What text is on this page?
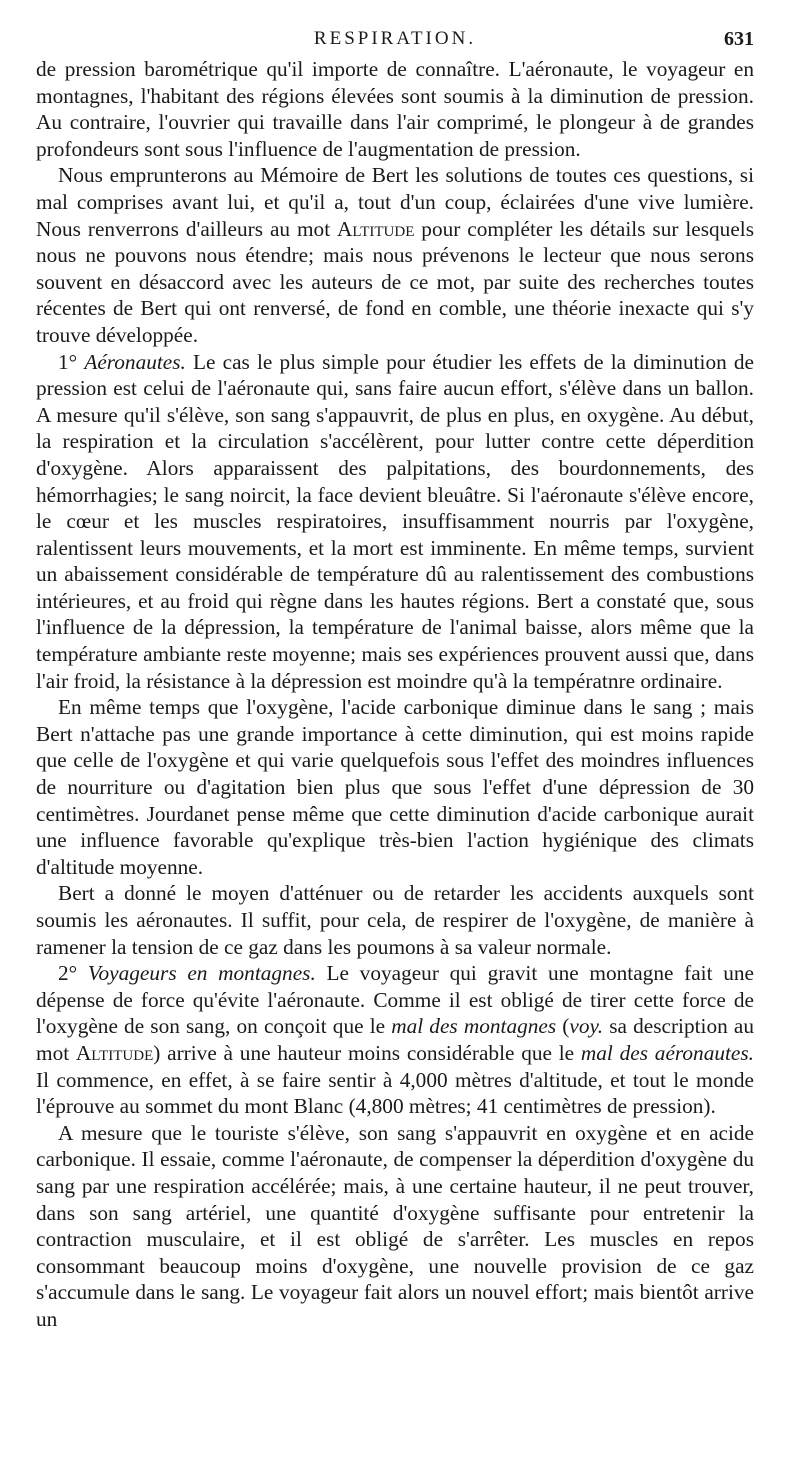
RESPIRATION.	631

de pression barométrique qu'il importe de connaître. L'aéronaute, le voyageur en montagnes, l'habitant des régions élevées sont soumis à la diminution de pression. Au contraire, l'ouvrier qui travaille dans l'air comprimé, le plongeur à de grandes profondeurs sont sous l'influence de l'augmentation de pression.

Nous emprunterons au Mémoire de Bert les solutions de toutes ces questions, si mal comprises avant lui, et qu'il a, tout d'un coup, éclairées d'une vive lumière. Nous renverrons d'ailleurs au mot Altitude pour compléter les détails sur lesquels nous ne pouvons nous étendre; mais nous prévenons le lecteur que nous serons souvent en désaccord avec les auteurs de ce mot, par suite des recherches toutes récentes de Bert qui ont renversé, de fond en comble, une théorie inexacte qui s'y trouve développée.

1° Aéronautes. Le cas le plus simple pour étudier les effets de la diminution de pression est celui de l'aéronaute qui, sans faire aucun effort, s'élève dans un ballon. A mesure qu'il s'élève, son sang s'appauvrit, de plus en plus, en oxygène. Au début, la respiration et la circulation s'accélèrent, pour lutter contre cette déperdition d'oxygène. Alors apparaissent des palpitations, des bourdonnements, des hémorrhagies; le sang noircit, la face devient bleuâtre. Si l'aéronaute s'élève encore, le cœur et les muscles respiratoires, insuffisamment nourris par l'oxygène, ralentissent leurs mouvements, et la mort est imminente. En même temps, survient un abaissement considérable de température dû au ralentissement des combustions intérieures, et au froid qui règne dans les hautes régions. Bert a constaté que, sous l'influence de la dépression, la température de l'animal baisse, alors même que la température ambiante reste moyenne; mais ses expériences prouvent aussi que, dans l'air froid, la résistance à la dépression est moindre qu'à la températnre ordinaire.

En même temps que l'oxygène, l'acide carbonique diminue dans le sang ; mais Bert n'attache pas une grande importance à cette diminution, qui est moins rapide que celle de l'oxygène et qui varie quelquefois sous l'effet des moindres influences de nourriture ou d'agitation bien plus que sous l'effet d'une dépression de 30 centimètres. Jourdanet pense même que cette diminution d'acide carbonique aurait une influence favorable qu'explique très-bien l'action hygiénique des climats d'altitude moyenne.

Bert a donné le moyen d'atténuer ou de retarder les accidents auxquels sont soumis les aéronautes. Il suffit, pour cela, de respirer de l'oxygène, de manière à ramener la tension de ce gaz dans les poumons à sa valeur normale.

2° Voyageurs en montagnes. Le voyageur qui gravit une montagne fait une dépense de force qu'évite l'aéronaute. Comme il est obligé de tirer cette force de l'oxygène de son sang, on conçoit que le mal des montagnes (voy. sa description au mot Altitude) arrive à une hauteur moins considérable que le mal des aéronautes. Il commence, en effet, à se faire sentir à 4,000 mètres d'altitude, et tout le monde l'éprouve au sommet du mont Blanc (4,800 mètres; 41 centimètres de pression).

A mesure que le touriste s'élève, son sang s'appauvrit en oxygène et en acide carbonique. Il essaie, comme l'aéronaute, de compenser la déperdition d'oxygène du sang par une respiration accélérée; mais, à une certaine hauteur, il ne peut trouver, dans son sang artériel, une quantité d'oxygène suffisante pour entretenir la contraction musculaire, et il est obligé de s'arrêter. Les muscles en repos consommant beaucoup moins d'oxygène, une nouvelle provision de ce gaz s'accumule dans le sang. Le voyageur fait alors un nouvel effort; mais bientôt arrive un
